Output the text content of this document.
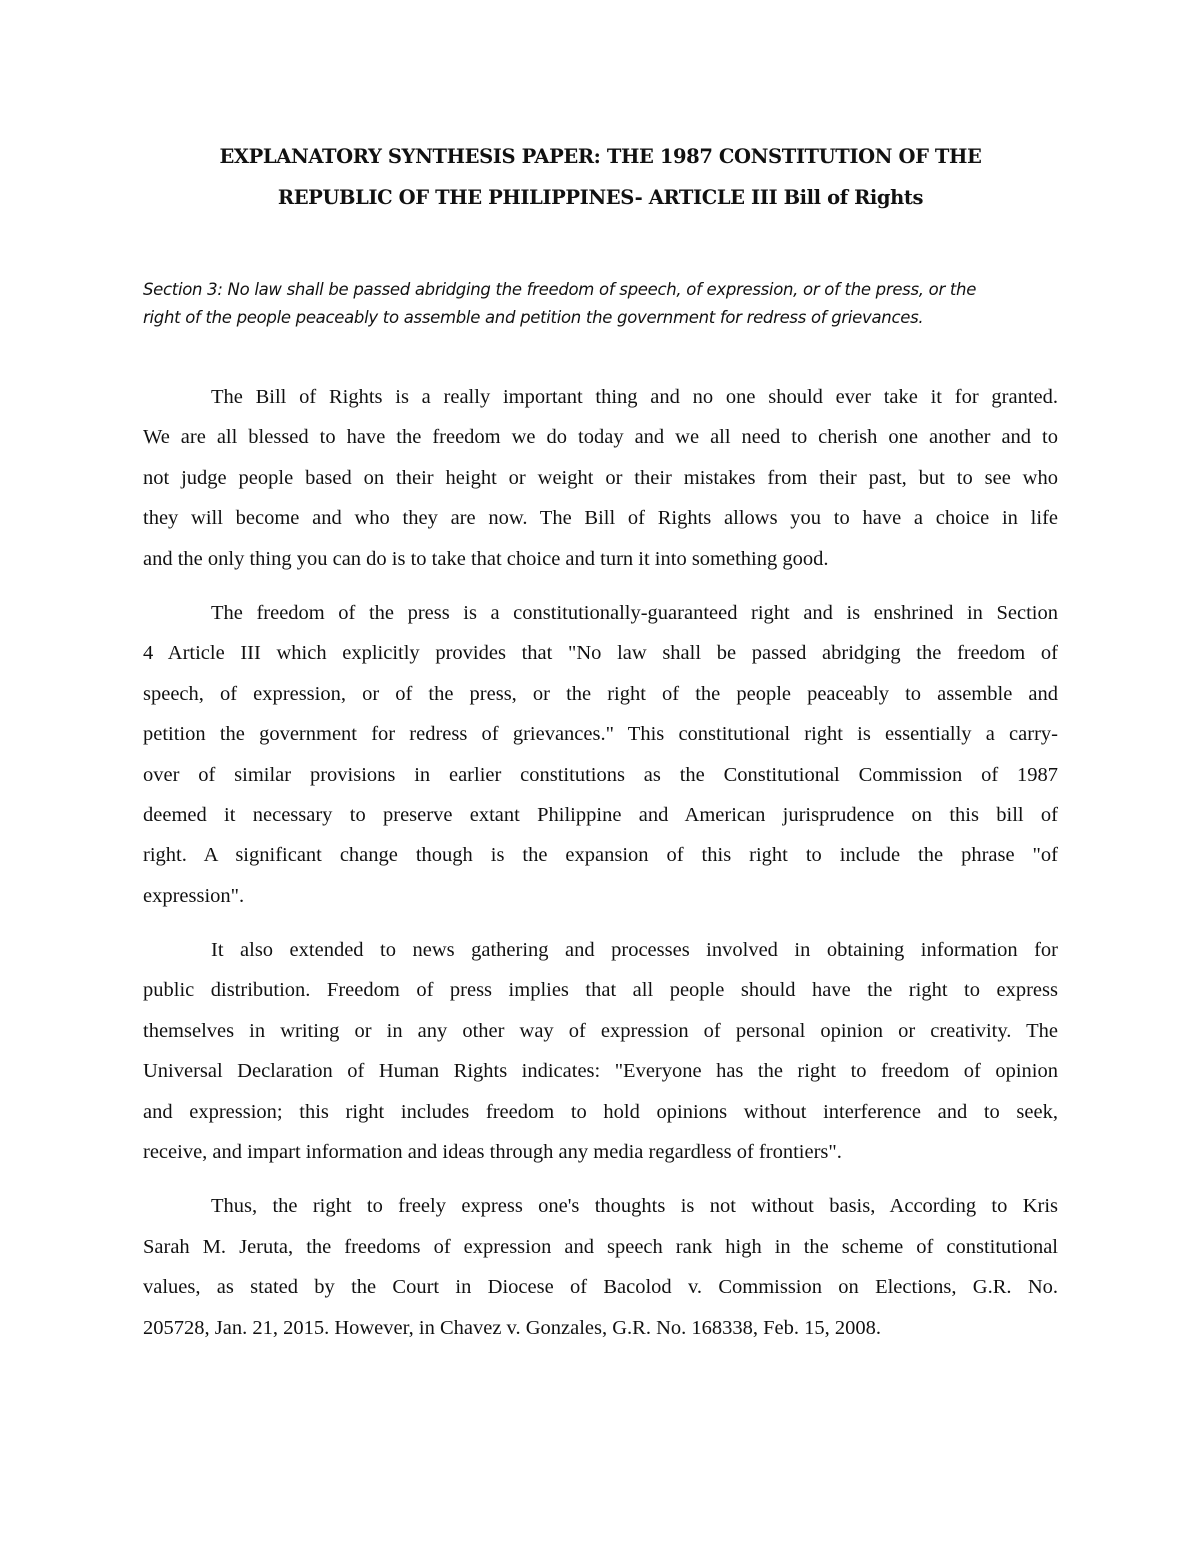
EXPLANATORY SYNTHESIS PAPER: THE 1987 CONSTITUTION OF THE
REPUBLIC OF THE PHILIPPINES- ARTICLE III Bill of Rights
Section 3: No law shall be passed abridging the freedom of speech, of expression, or of the press, or the
right of the people peaceably to assemble and petition the government for redress of grievances.

The Bill of Rights is a really important thing and no one should ever take it for granted.
We are all blessed to have the freedom we do today and we all need to cherish one another and to
not judge people based on their height or weight or their mistakes from their past, but to see who
they will become and who they are now. The Bill of Rights allows you to have a choice in life
and the only thing you can do is to take that choice and turn it into something good.

The freedom of the press is a constitutionally-guaranteed right and is enshrined in Section
4 Article III which explicitly provides that "No law shall be passed abridging the freedom of
speech, of expression, or of the press, or the right of the people peaceably to assemble and
petition the government for redress of grievances." This constitutional right is essentially a carry-
over of similar provisions in earlier constitutions as the Constitutional Commission of 1987
deemed it necessary to preserve extant Philippine and American jurisprudence on this bill of
right. A significant change though is the expansion of this right to include the phrase "of
expression".

It also extended to news gathering and processes involved in obtaining information for
public distribution. Freedom of press implies that all people should have the right to express
themselves in writing or in any other way of expression of personal opinion or creativity. The
Universal Declaration of Human Rights indicates: "Everyone has the right to freedom of opinion
and expression; this right includes freedom to hold opinions without interference and to seek,
receive, and impart information and ideas through any media regardless of frontiers".

Thus, the right to freely express one's thoughts is not without basis, According to Kris
Sarah M. Jeruta, the freedoms of expression and speech rank high in the scheme of constitutional
values, as stated by the Court in Diocese of Bacolod v. Commission on Elections, G.R. No.
205728, Jan. 21, 2015. However, in Chavez v. Gonzales, G.R. No. 168338, Feb. 15, 2008.
